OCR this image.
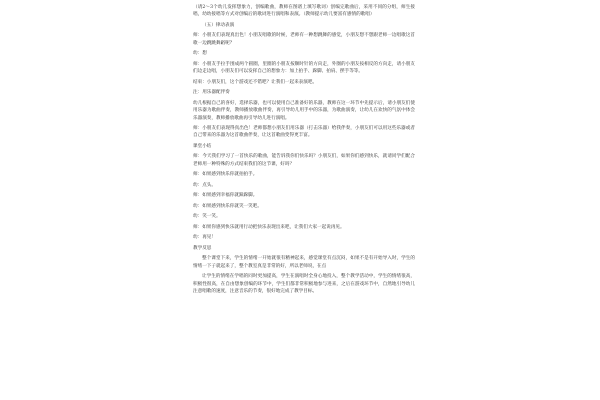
（请2～3个幼儿发挥想象力，创编歌曲，教师在图谱上填写歌词）创编完歌曲后，采用不同的分组，师生接唱，幼幼接唱等方式对创编后的歌词进行演唱和表演。（教师提示幼儿要富有感情的歌唱）
（五）律动表演
师：小朋友们表现真出色！小朋友唱歌的时候，老师有一种想跳舞的感觉，小朋友想不想跟老师一边唱歌这首歌一边跳跳舞蹈呢？
幼：想
师：小朋友手拉手围成两个圆圈，里圈的小朋友按顺时针的方向走，外圈的小朋友按相反的方向走，请小朋友们边走边唱，小朋友们可以发挥自己的想象力：加上拍手、跺脚、拍肩、摆手等等。
结束：小朋友们，这个游戏还不错吧？让我们一起来表演吧。
注：用乐器配伴奏
幼儿根据自己的喜好，选择乐器，也可以使用自己准备好的乐器，教师在这一环节中先提示后，请小朋友们使用乐器为歌曲伴奏，教师播放歌曲伴奏，再引导幼儿用手中的乐器，为歌曲演奏，让幼儿在欢快的气氛中体会乐器演奏，教师播放歌曲再引导幼儿进行演唱。
师：小朋友们表现得真出色！老师都想小朋友们用乐器（打击乐器）给我伴奏，小朋友们可以用这些乐器或者自己带来的乐器为这首歌曲伴奏，让这首歌曲变得更丰富。
课堂小结
师：今天我们学习了一首快乐的歌曲，能告诉我你们快乐吗？小朋友们，如果你们感到快乐，就请同学们配合老师用一种特殊的方式结束我们的这节课，好吗？
师：如果感到快乐你就拍拍手。
幼：点头。
师：如果感到幸福你就跺跺脚。
幼：如果感到快乐你就笑一笑吧。
幼：笑一笑。
师：如果你感到快乐就用行动把快乐表现出来吧，让我们大家一起说再见。
幼：再见！
教学反思
整个课堂下来，学生的情绪一开始就很有精神起来，感觉课堂有点沉闷，如果不是有开始导入时，学生的情绪一下子就起来了，整个教室真是非常的好，所以老师说，在点
让学生的情绪在学唱的同时更加提高，学生在演唱时全身心地投入，整个教学活动中，学生的情绪很高，积极性很高，在自由想象创编的环节中，学生们都非常积极地参与进来，之后在游戏环节中，自然地引导幼儿注意唱歌的速度，注意音乐的节奏，很好地完成了教学目标。
